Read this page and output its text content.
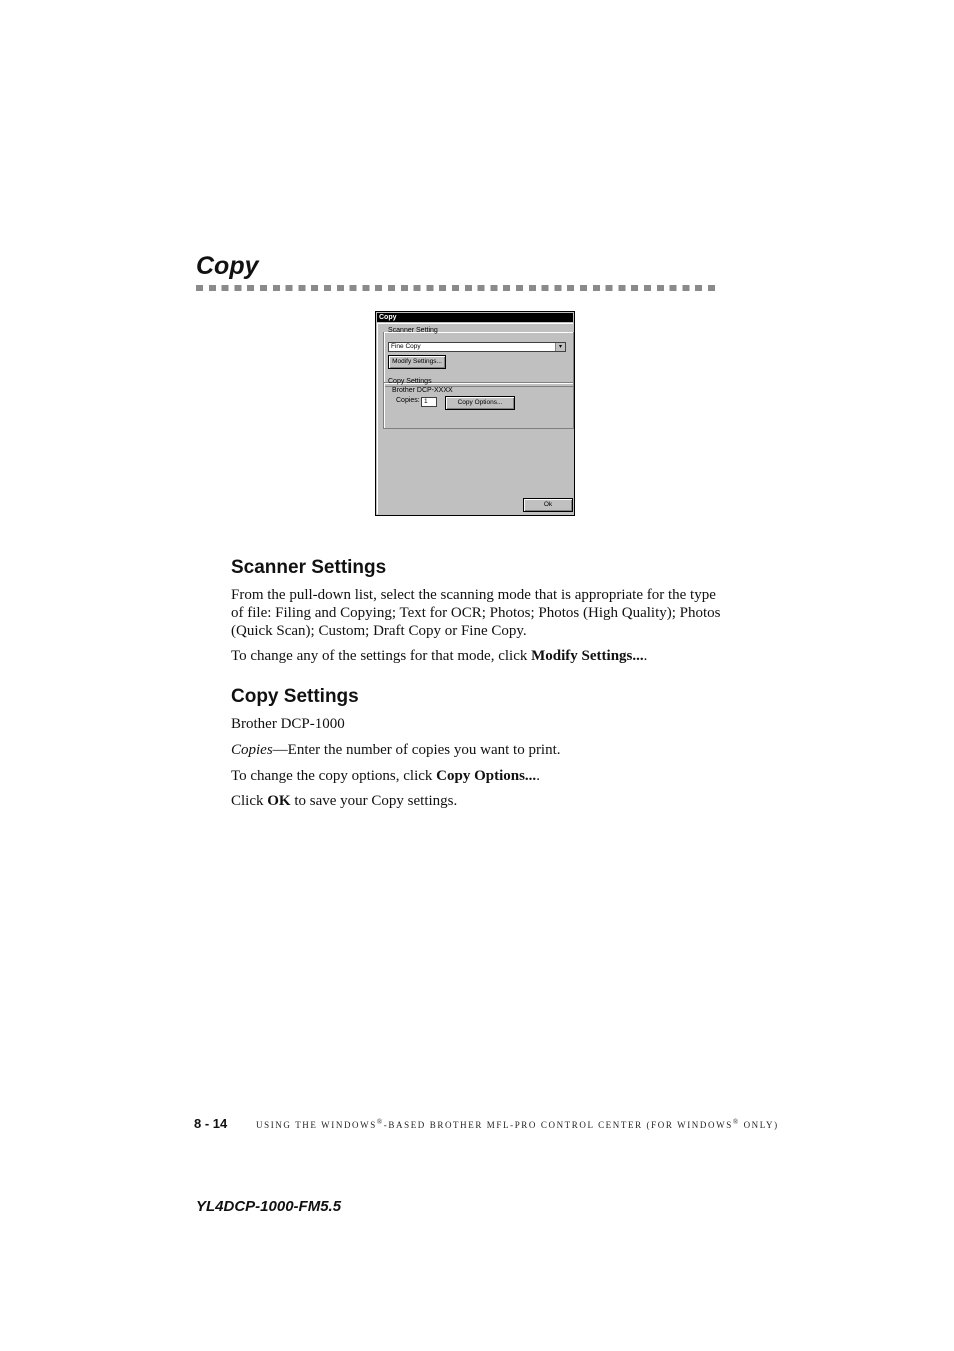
Copy
Copy
Scanner Setting
Fine Copy	▾
Modify Settings...
Copy Settings
Brother DCP-XXXX
Copies: 1	Copy Options...
Ok
Scanner Settings

From the pull-down list, select the scanning mode that is appropriate for the type of file: Filing and Copying; Text for OCR; Photos; Photos (High Quality); Photos (Quick Scan); Custom; Draft Copy or Fine Copy.

To change any of the settings for that mode, click Modify Settings....

Copy Settings

Brother DCP-1000

Copies—Enter the number of copies you want to print.

To change the copy options, click Copy Options....

Click OK to save your Copy settings.

8 - 14	USING THE WINDOWS®-BASED BROTHER MFL-PRO CONTROL CENTER (FOR WINDOWS® ONLY)
YL4DCP-1000-FM5.5
